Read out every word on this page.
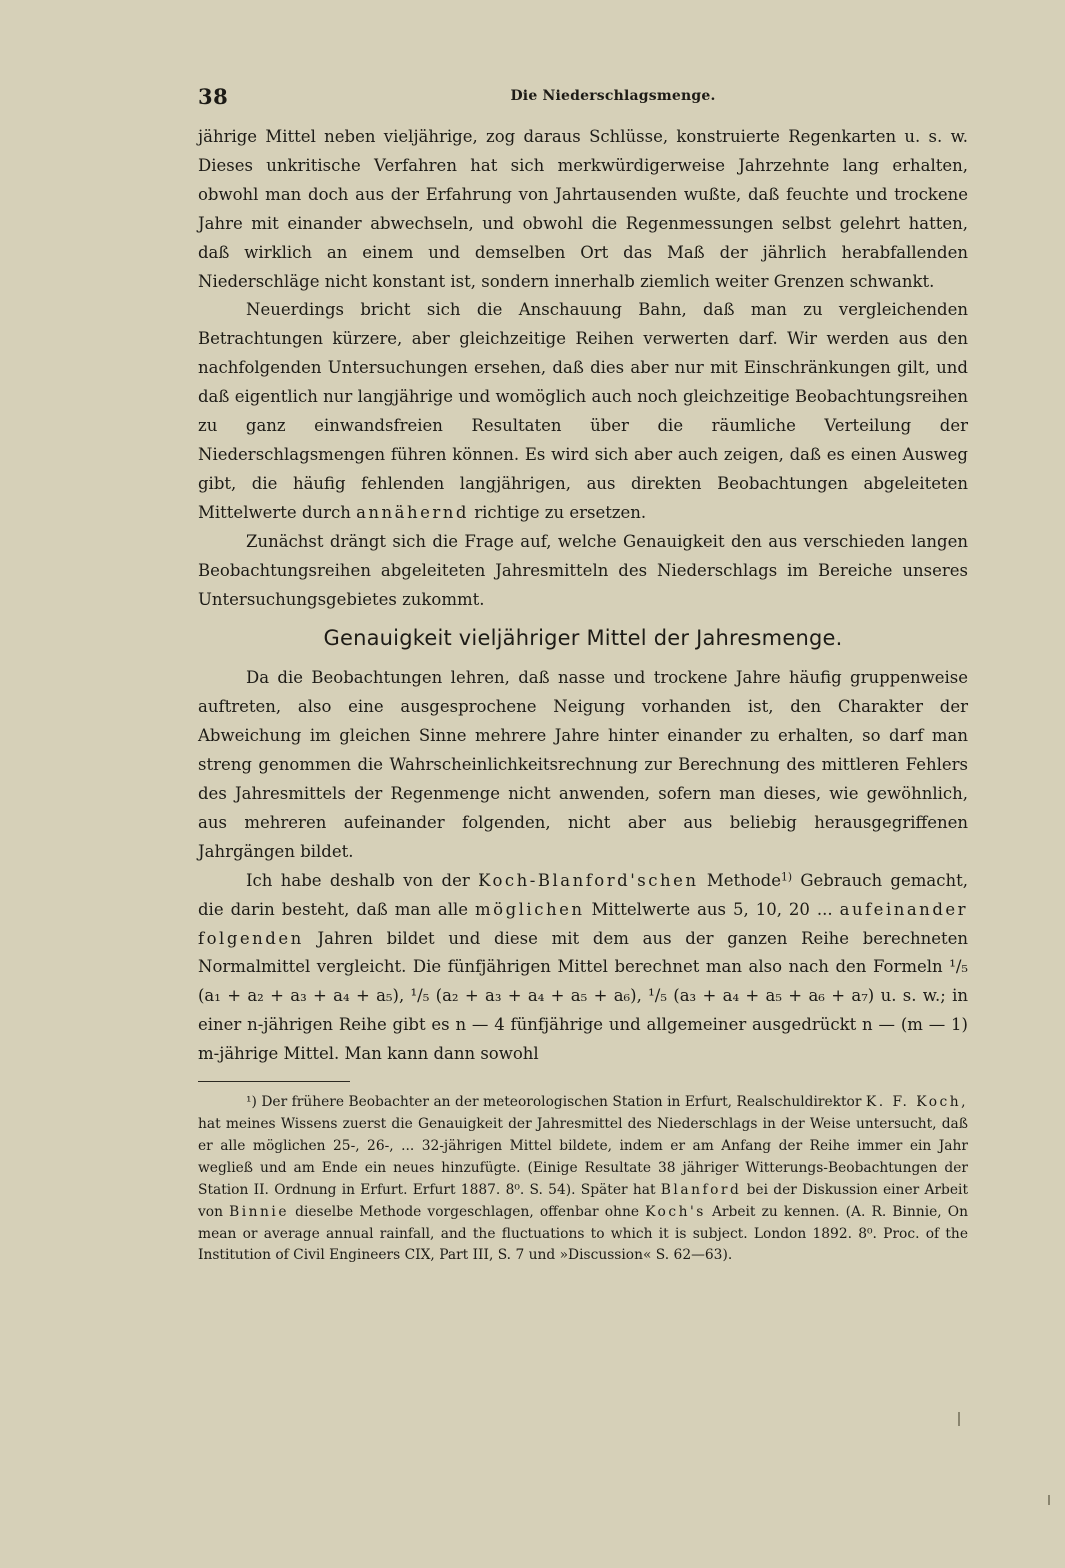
38	Die Niederschlagsmenge.

jährige Mittel neben vieljährige, zog daraus Schlüsse, konstruierte Regenkarten u. s. w. Dieses unkritische Verfahren hat sich merkwürdigerweise Jahrzehnte lang erhalten, obwohl man doch aus der Erfahrung von Jahrtausenden wußte, daß feuchte und trockene Jahre mit einander abwechseln, und obwohl die Regenmessungen selbst gelehrt hatten, daß wirklich an einem und demselben Ort das Maß der jährlich herabfallenden Niederschläge nicht konstant ist, sondern innerhalb ziemlich weiter Grenzen schwankt.

Neuerdings bricht sich die Anschauung Bahn, daß man zu vergleichenden Betrachtungen kürzere, aber gleichzeitige Reihen verwerten darf. Wir werden aus den nachfolgenden Untersuchungen ersehen, daß dies aber nur mit Einschränkungen gilt, und daß eigentlich nur langjährige und womöglich auch noch gleichzeitige Beobachtungsreihen zu ganz einwandsfreien Resultaten über die räumliche Verteilung der Niederschlagsmengen führen können. Es wird sich aber auch zeigen, daß es einen Ausweg gibt, die häufig fehlenden langjährigen, aus direkten Beobachtungen abgeleiteten Mittelwerte durch annähernd richtige zu ersetzen.

Zunächst drängt sich die Frage auf, welche Genauigkeit den aus verschieden langen Beobachtungsreihen abgeleiteten Jahresmitteln des Niederschlags im Bereiche unseres Untersuchungsgebietes zukommt.

Genauigkeit vieljähriger Mittel der Jahresmenge.

Da die Beobachtungen lehren, daß nasse und trockene Jahre häufig gruppenweise auftreten, also eine ausgesprochene Neigung vorhanden ist, den Charakter der Abweichung im gleichen Sinne mehrere Jahre hinter einander zu erhalten, so darf man streng genommen die Wahrscheinlichkeitsrechnung zur Berechnung des mittleren Fehlers des Jahresmittels der Regenmenge nicht anwenden, sofern man dieses, wie gewöhnlich, aus mehreren aufeinander folgenden, nicht aber aus beliebig herausgegriffenen Jahrgängen bildet.

Ich habe deshalb von der Koch-Blanford'schen Methode$^{1)}$ Gebrauch gemacht, die darin besteht, daß man alle möglichen Mittelwerte aus 5, 10, 20 ... aufeinander folgenden Jahren bildet und diese mit dem aus der ganzen Reihe berechneten Normalmittel vergleicht. Die fünfjährigen Mittel berechnet man also nach den Formeln ¹/₅ (a₁ + a₂ + a₃ + a₄ + a₅), ¹/₅ (a₂ + a₃ + a₄ + a₅ + a₆), ¹/₅ (a₃ + a₄ + a₅ + a₆ + a₇) u. s. w.; in einer n-jährigen Reihe gibt es n — 4 fünfjährige und allgemeiner ausgedrückt n — (m — 1) m-jährige Mittel. Man kann dann sowohl

¹) Der frühere Beobachter an der meteorologischen Station in Erfurt, Realschuldirektor K. F. Koch, hat meines Wissens zuerst die Genauigkeit der Jahresmittel des Niederschlags in der Weise untersucht, daß er alle möglichen 25-, 26-, ... 32-jährigen Mittel bildete, indem er am Anfang der Reihe immer ein Jahr wegließ und am Ende ein neues hinzufügte. (Einige Resultate 38 jähriger Witterungs-Beobachtungen der Station II. Ordnung in Erfurt. Erfurt 1887. 8⁰. S. 54). Später hat Blanford bei der Diskussion einer Arbeit von Binnie dieselbe Methode vorgeschlagen, offenbar ohne Koch's Arbeit zu kennen. (A. R. Binnie, On mean or average annual rainfall, and the fluctuations to which it is subject. London 1892. 8⁰. Proc. of the Institution of Civil Engineers CIX, Part III, S. 7 und »Discussion« S. 62—63).
